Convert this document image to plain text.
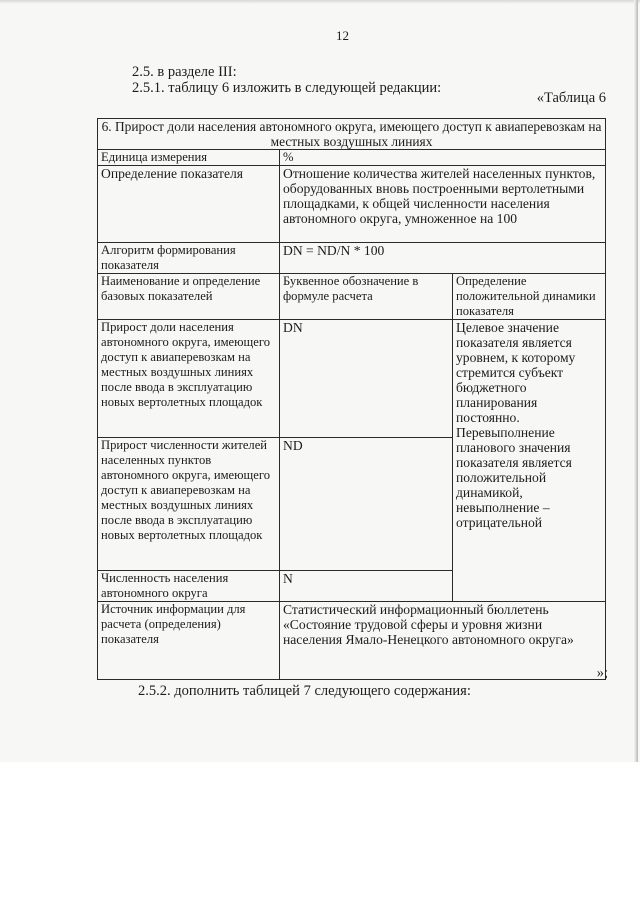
12
2.5. в разделе III:
2.5.1. таблицу 6 изложить в следующей редакции:
«Таблица 6
6. Прирост доли населения автономного округа, имеющего доступ к авиаперевозкам на местных воздушных линиях		
Единица измерения	%	
Определение показателя	Отношение количества жителей населенных пунктов, оборудованных вновь построенными вертолетными площадками, к общей численности населения автономного округа, умноженное на 100	
Алгоритм формирования показателя	DN = ND/N * 100	
Наименование и определение базовых показателей	Буквенное обозначение в формуле расчета	Определение положительной динамики показателя
Прирост доли населения автономного округа, имеющего доступ к авиаперевозкам на местных воздушных линиях после ввода в эксплуатацию новых вертолетных площадок	DN	Целевое значение показателя является уровнем, к которому стремится субъект бюджетного планирования постоянно. Перевыполнение планового значения показателя является положительной динамикой, невыполнение – отрицательной
Прирост численности жителей населенных пунктов автономного округа, имеющего доступ к авиаперевозкам на местных воздушных линиях после ввода в эксплуатацию новых вертолетных площадок	ND	
Численность населения автономного округа	N	
Источник информации для расчета (определения) показателя	Статистический информационный бюллетень «Состояние трудовой сферы и уровня жизни населения Ямало-Ненецкого автономного округа»	
»;
2.5.2. дополнить таблицей 7 следующего содержания:
